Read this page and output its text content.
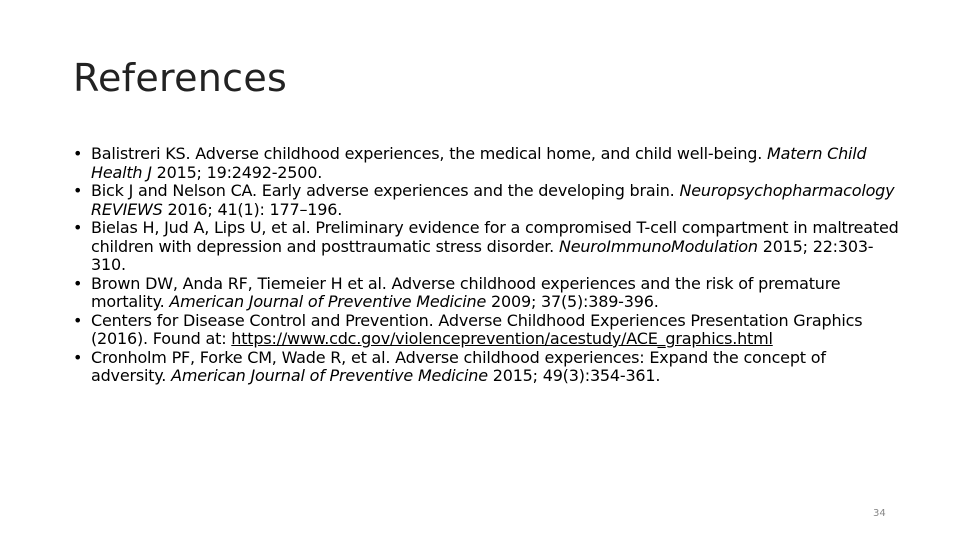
References
• Balistreri KS. Adverse childhood experiences, the medical home, and child well-being. Matern Child Health J 2015; 19:2492-2500.
• Bick J and Nelson CA. Early adverse experiences and the developing brain. Neuropsychopharmacology REVIEWS 2016; 41(1): 177–196.
• Bielas H, Jud A, Lips U, et al. Preliminary evidence for a compromised T-cell compartment in maltreated children with depression and posttraumatic stress disorder. NeuroImmunoModulation 2015; 22:303-310.
• Brown DW, Anda RF, Tiemeier H et al. Adverse childhood experiences and the risk of premature mortality. American Journal of Preventive Medicine 2009; 37(5):389-396.
• Centers for Disease Control and Prevention. Adverse Childhood Experiences Presentation Graphics (2016). Found at: https://www.cdc.gov/violenceprevention/acestudy/ACE_graphics.html
• Cronholm PF, Forke CM, Wade R, et al. Adverse childhood experiences: Expand the concept of adversity. American Journal of Preventive Medicine 2015; 49(3):354-361.
34
